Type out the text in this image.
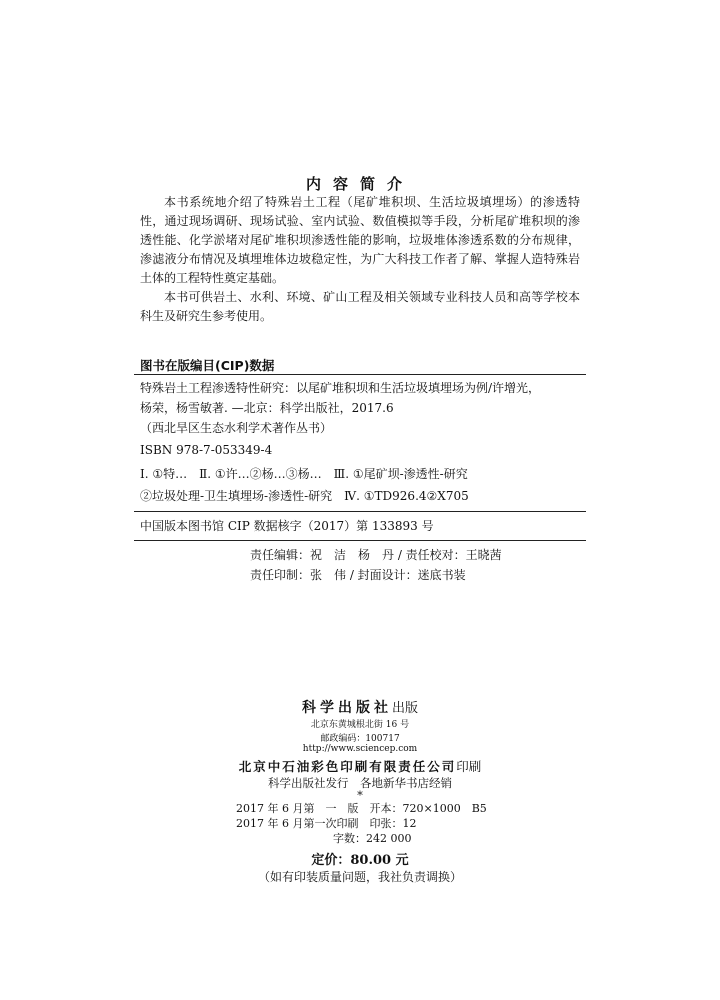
内容简介

本书系统地介绍了特殊岩土工程（尾矿堆积坝、生活垃圾填埋场）的渗透特性，通过现场调研、现场试验、室内试验、数值模拟等手段，分析尾矿堆积坝的渗透性能、化学淤堵对尾矿堆积坝渗透性能的影响，垃圾堆体渗透系数的分布规律，渗滤液分布情况及填埋堆体边坡稳定性，为广大科技工作者了解、掌握人造特殊岩土体的工程特性奠定基础。

本书可供岩土、水利、环境、矿山工程及相关领域专业科技人员和高等学校本科生及研究生参考使用。

图书在版编目(CIP)数据
特殊岩土工程渗透特性研究：以尾矿堆积坝和生活垃圾填埋场为例/许增光，
杨荣，杨雪敏著. —北京：科学出版社，2017.6
（西北旱区生态水利学术著作丛书）
ISBN 978-7-053349-4
Ⅰ. ①特…　Ⅱ. ①许…②杨…③杨…　Ⅲ. ①尾矿坝-渗透性-研究
②垃圾处理-卫生填埋场-渗透性-研究　Ⅳ. ①TD926.4②X705
中国版本图书馆 CIP 数据核字（2017）第 133893 号
责任编辑：祝　洁　杨　丹 / 责任校对：王晓茜
责任印制：张　伟 / 封面设计：迷底书装
科学出版社出版
北京东黄城根北街 16 号
邮政编码：100717
http://www.sciencep.com
北京中石油彩色印刷有限责任公司印刷
科学出版社发行　各地新华书店经销
*
2017 年 6 月第　一　版　开本：720×1000　B5
2017 年 6 月第一次印刷　印张：12
字数：242 000
定价：80.00 元
（如有印装质量问题，我社负责调换）
